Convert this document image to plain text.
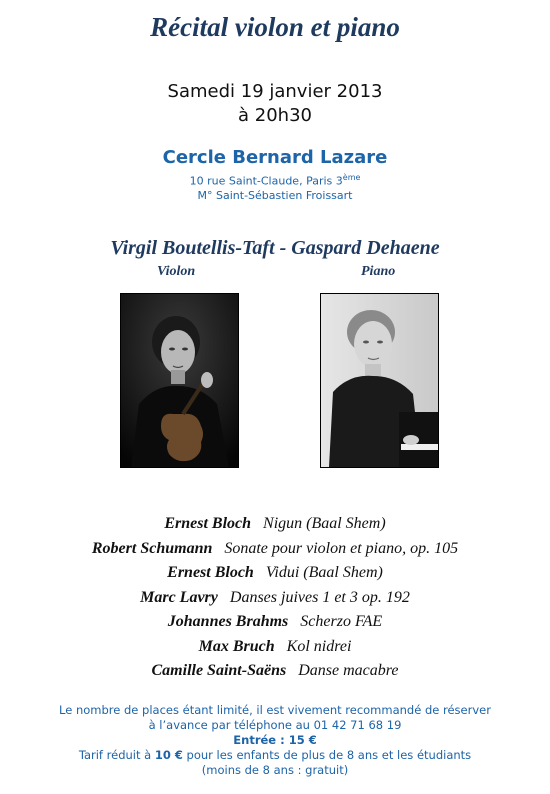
Récital violon et piano
Samedi 19 janvier 2013
à 20h30
Cercle Bernard Lazare
10 rue Saint-Claude, Paris 3ème
M° Saint-Sébastien Froissart
Virgil Boutellis-Taft - Gaspard Dehaene
Violon	Piano
Ernest Bloch Nigun (Baal Shem)
Robert Schumann Sonate pour violon et piano, op. 105
Ernest Bloch Vidui (Baal Shem)
Marc Lavry Danses juives 1 et 3 op. 192
Johannes Brahms Scherzo FAE
Max Bruch Kol nidrei
Camille Saint-Saëns Danse macabre
Le nombre de places étant limité, il est vivement recommandé de réserver
à l’avance par téléphone au 01 42 71 68 19
Entrée : 15 €
Tarif réduit à 10 € pour les enfants de plus de 8 ans et les étudiants
(moins de 8 ans : gratuit)
